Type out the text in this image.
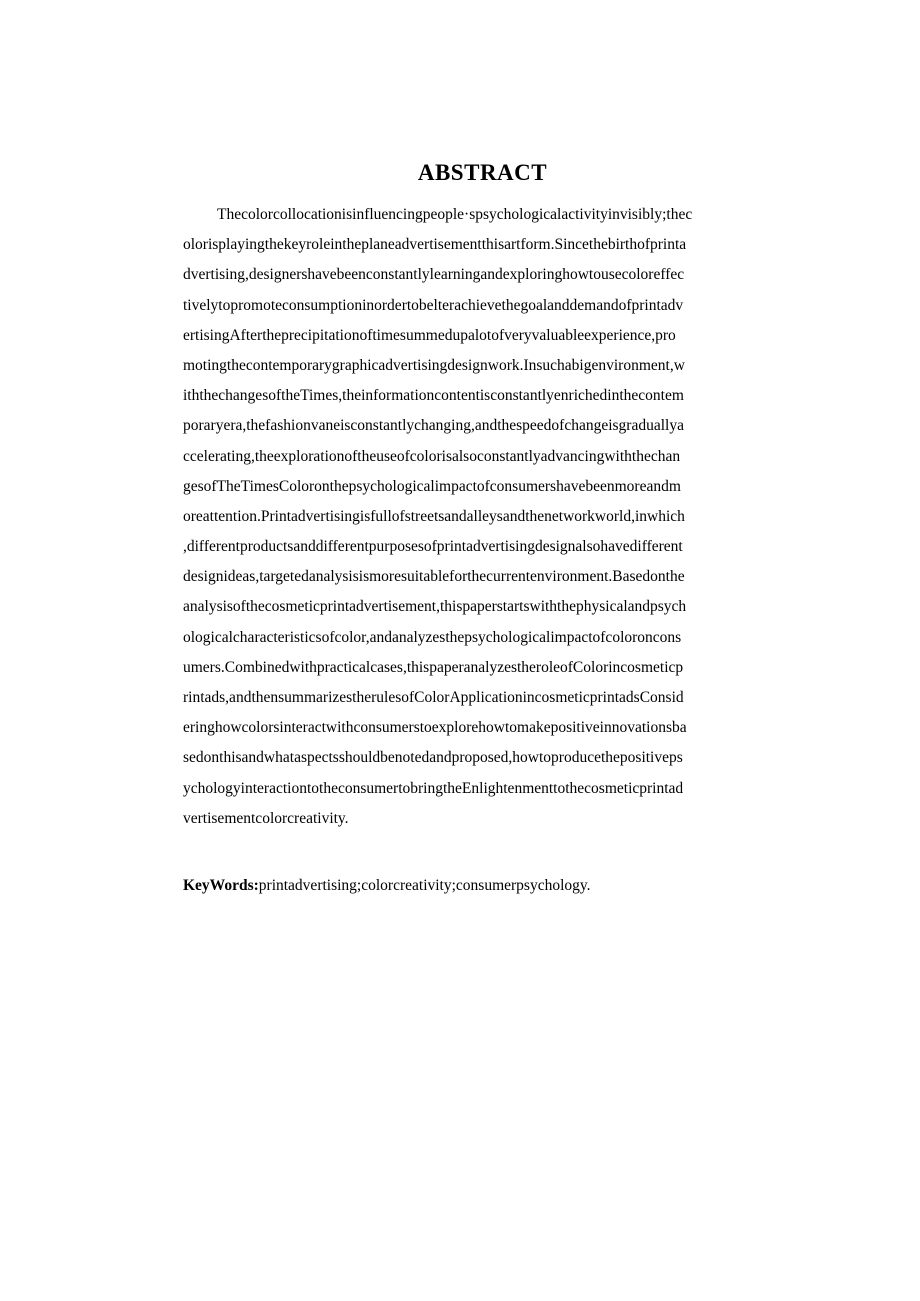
ABSTRACT
Thecolorcollocationisinfluencingpeople·spsychologicalactivityinvisibly;thec
olorisplayingthekeyroleintheplaneadvertisementthisartform.Sincethebirthofprinta
dvertising,designershavebeenconstantlylearningandexploringhowtousecoloreffec
tivelytopromoteconsumptioninordertobelterachievethegoalanddemandofprintadv
ertisingAftertheprecipitationoftimesummedupalotofveryvaluableexperience,pro
motingthecontemporarygraphicadvertisingdesignwork.Insuchabigenvironment,w
iththechangesoftheTimes,theinformationcontentisconstantlyenrichedinthecontem
poraryera,thefashionvaneisconstantlychanging,andthespeedofchangeisgraduallya
ccelerating,theexplorationoftheuseofcolorisalsoconstantlyadvancingwiththechan
gesofTheTimesColoronthepsychologicalimpactofconsumershavebeenmoreandm
oreattention.Printadvertisingisfullofstreetsandalleysandthenetworkworld,inwhich
,differentproductsanddifferentpurposesofprintadvertisingdesignalsohavedifferent
designideas,targetedanalysisismoresuitableforthecurrentenvironment.Basedonthe
analysisofthecosmeticprintadvertisement,thispaperstartswiththephysicalandpsych
ologicalcharacteristicsofcolor,andanalyzesthepsychologicalimpactofcoloroncons
umers.Combinedwithpracticalcases,thispaperanalyzestheroleofColorincosmeticp
rintads,andthensummarizestherulesofColorApplicationincosmeticprintadsConsid
eringhowcolorsinteractwithconsumerstoexplorehowtomakepositiveinnovationsba
sedonthisandwhataspectsshouldbenotedandproposed,howtoproducethepositiveps
ychologyinteractiontotheconsumertobringtheEnlightenmenttothecosmeticprintad
vertisementcolorcreativity.
KeyWords:printadvertising;colorcreativity;consumerpsychology.
